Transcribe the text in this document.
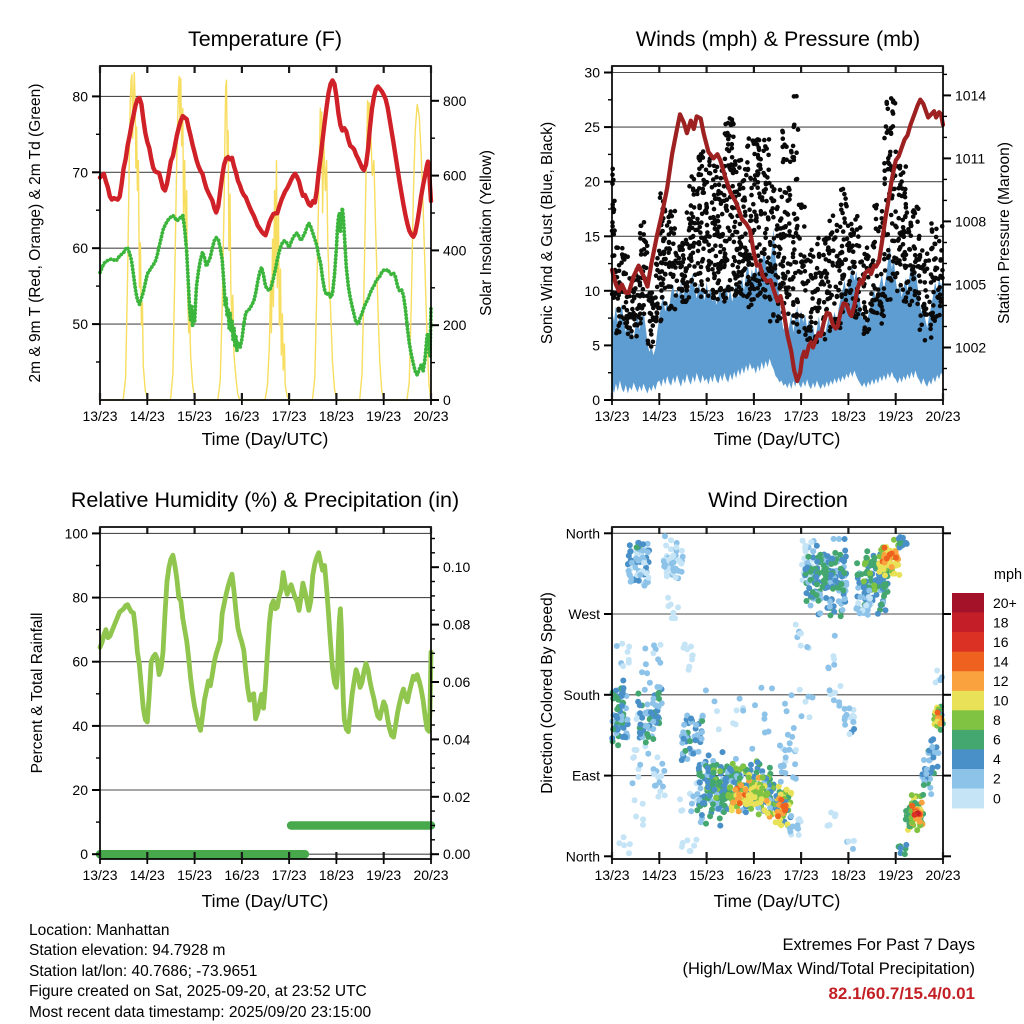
13/23 14/23 15/23 16/23 17/23 18/23 19/23 20/23
50
60
70
80
0
200
400
600
800
13/23 14/23 15/23 16/23 17/23 18/23 19/23 20/23
0
5
10
15
20
25
30
1002
1005
1008
1011
1014
13/23 14/23 15/23 16/23 17/23 18/23 19/23 20/23
0
20
40
60
80
100
0.00
0.02
0.04
0.06
0.08
0.10
13/23 14/23 15/23 16/23 17/23 18/23 19/23 20/23
North
West
South
East
North
20+
18
16
14
12
10
8
6
4
2
0
Temperature (F)	Winds (mph) & Pressure (mb)
Relative Humidity (%) & Precipitation (in)	Wind Direction
2m & 9m T (Red, Orange) & 2m Td (Green)	Solar Insolation (Yellow)	Sonic Wind & Gust (Blue, Black)	Station Pressure (Maroon)
Percent & Total Rainfall	Direction (Colored By Speed)
Time (Day/UTC)	Time (Day/UTC)
Time (Day/UTC)	Time (Day/UTC)
mph
Location: Manhattan
Station elevation: 94.7928 m
Station lat/lon: 40.7686; -73.9651
Figure created on Sat, 2025-09-20, at 23:52 UTC
Most recent data timestamp: 2025/09/20 23:15:00
Extremes For Past 7 Days
(High/Low/Max Wind/Total Precipitation)
82.1/60.7/15.4/0.01
